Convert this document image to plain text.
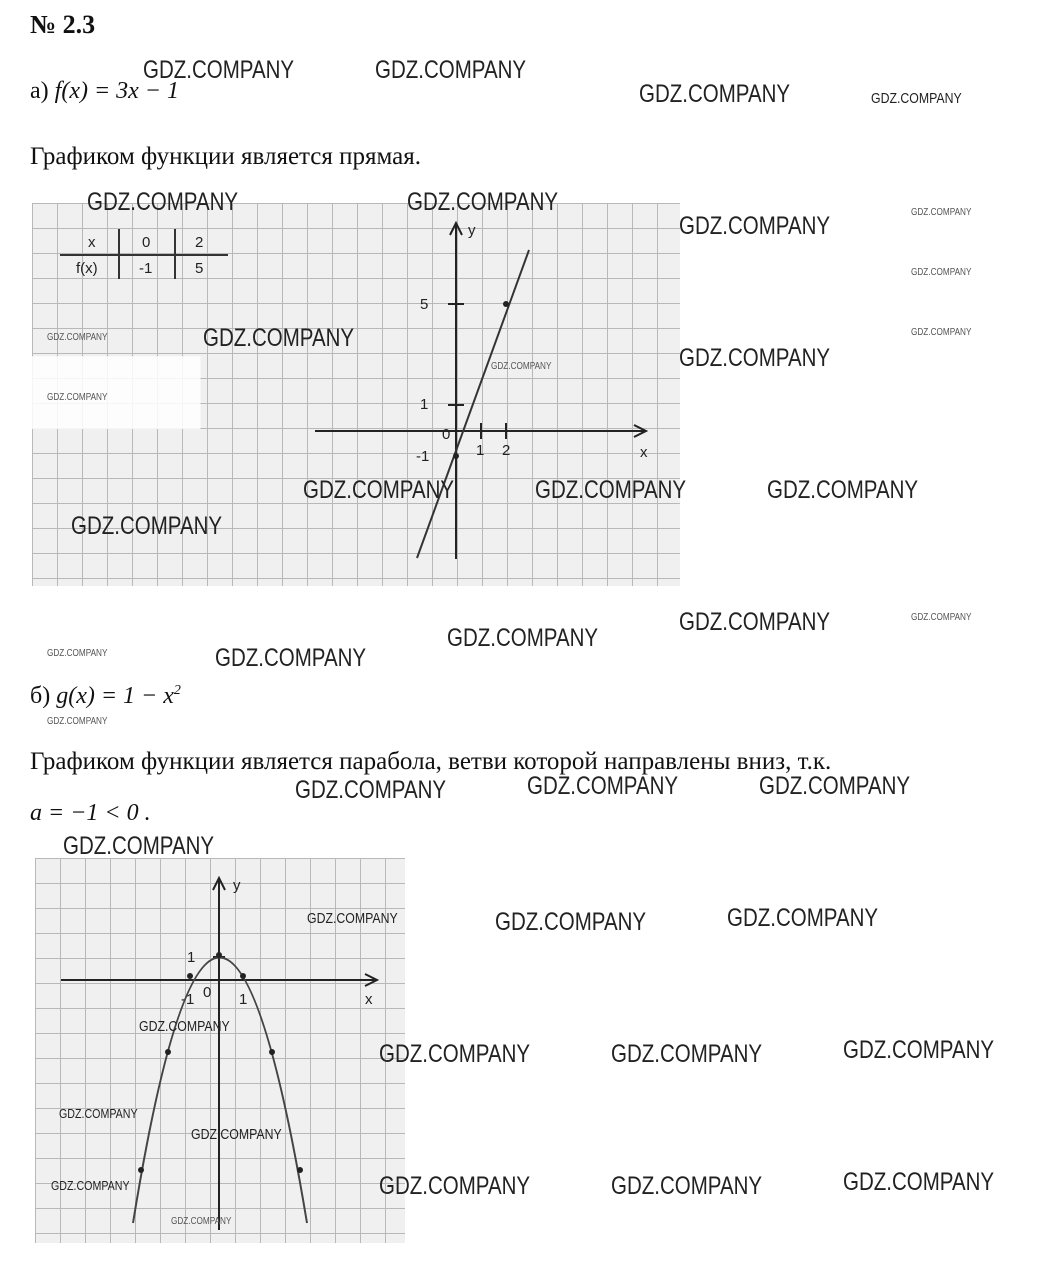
№ 2.3
а) f(x) = 3x − 1
Графиком функции является прямая.
x	0	2
f(x)	-1	5
y
x
0
5
1
-1	1 2
б) $g(x) = 1 - x^2$
Графиком функции является парабола, ветви которой направлены вниз, т.к.
a = −1 < 0 .
y
x
0
1
-1	1
GDZ.COMPANY	GDZ.COMPANY
GDZ.COMPANY	GDZ.COMPANY
GDZ.COMPANY	GDZ.COMPANY
GDZ.COMPANY	GDZ.COMPANY
GDZ.COMPANY
GDZ.COMPANY
GDZ.COMPANY	GDZ.COMPANY
GDZ.COMPANY
GDZ.COMPANY
GDZ.COMPANY
GDZ.COMPANY	GDZ.COMPANY	GDZ.COMPANY
GDZ.COMPANY
GDZ.COMPANY	GDZ.COMPANY
GDZ.COMPANY
GDZ.COMPANY	GDZ.COMPANY
GDZ.COMPANY
GDZ.COMPANY	GDZ.COMPANY	GDZ.COMPANY
GDZ.COMPANY
GDZ.COMPANY	GDZ.COMPANY	GDZ.COMPANY
GDZ.COMPANY
GDZ.COMPANY	GDZ.COMPANY	GDZ.COMPANY
GDZ.COMPANY
GDZ.COMPANY
GDZ.COMPANY	GDZ.COMPANY	GDZ.COMPANY
GDZ.COMPANY
GDZ.COMPANY
